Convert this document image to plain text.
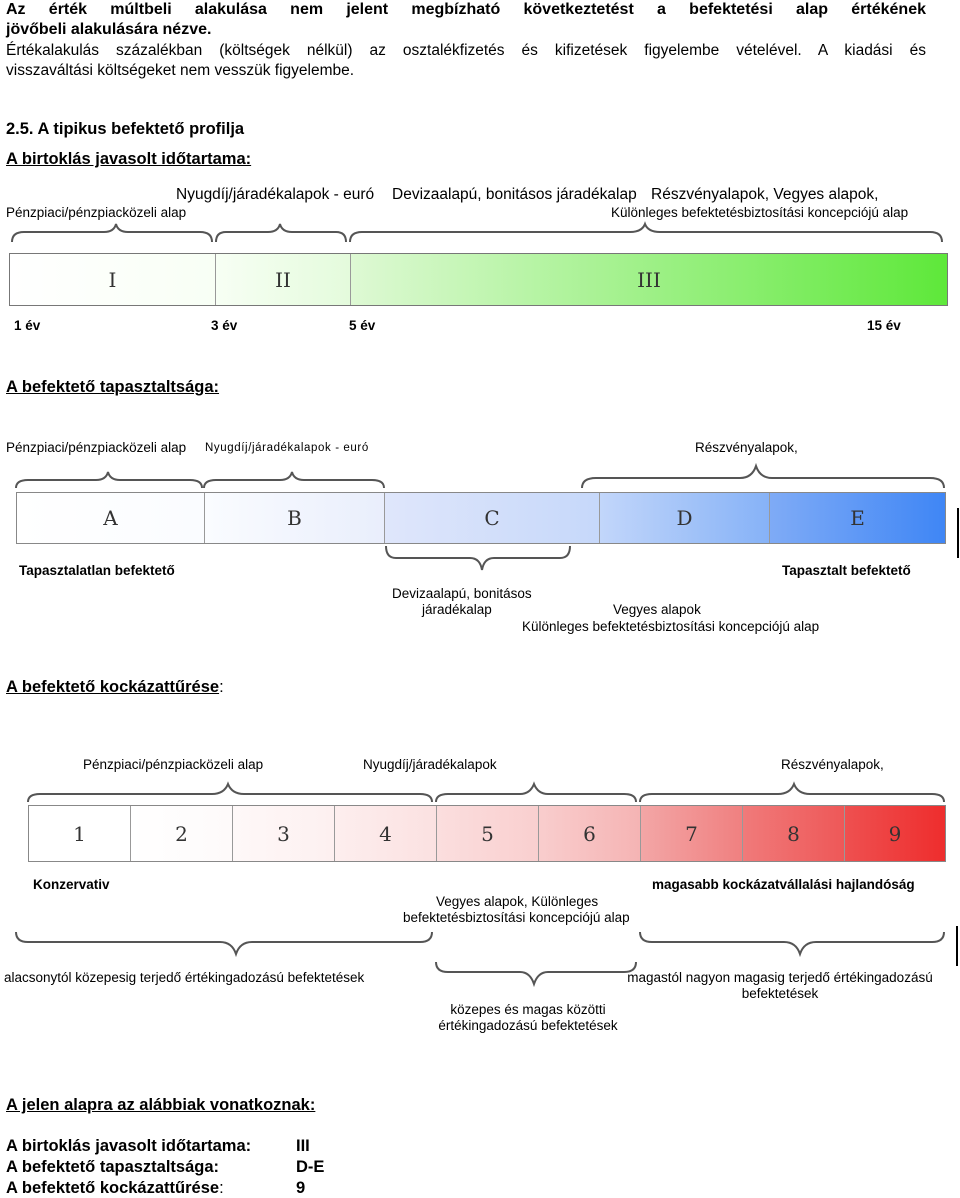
Az érték múltbeli alakulása nem jelent megbízható következtetést a befektetési alap értékének
jövőbeli alakulására nézve.
Értékalakulás százalékban (költségek nélkül) az osztalékfizetés és kifizetések figyelembe vételével. A kiadási és
visszaváltási költségeket nem vesszük figyelembe.
2.5. A tipikus befektető profilja
A birtoklás javasolt időtartama:
Nyugdíj/járadékalapok - euró Devizaalapú, bonitásos járadékalap Részvényalapok, Vegyes alapok,
Pénzpiaci/pénzpiacközeli alap	Különleges befektetésbiztosítási koncepciójú alap
I	II	III
1 év	3 év	5 év	15 év
A befektető tapasztaltsága:
Pénzpiaci/pénzpiacközeli alap Nyugdíj/járadékalapok - euró	Részvényalapok,
A	B	C	D	E
Tapasztalatlan befektető	Tapasztalt befektető
Devizaalapú, bonitásos
járadékalap	Vegyes alapok
Különleges befektetésbiztosítási koncepciójú alap
A befektető kockázattűrése:
Pénzpiaci/pénzpiacközeli alap	Nyugdíj/járadékalapok	Részvényalapok,
1	2	3	4	5	6	7	8	9
Konzervativ	magasabb kockázatvállalási hajlandóság
Vegyes alapok, Különleges
befektetésbiztosítási koncepciójú alap
alacsonytól közepesig terjedő értékingadozású befektetések	magastól nagyon magasig terjedő értékingadozású
befektetések
közepes és magas közötti
értékingadozású befektetések
A jelen alapra az alábbiak vonatkoznak:
A birtoklás javasolt időtartama:	III
A befektető tapasztaltsága:	D-E
A befektető kockázattűrése:	9
